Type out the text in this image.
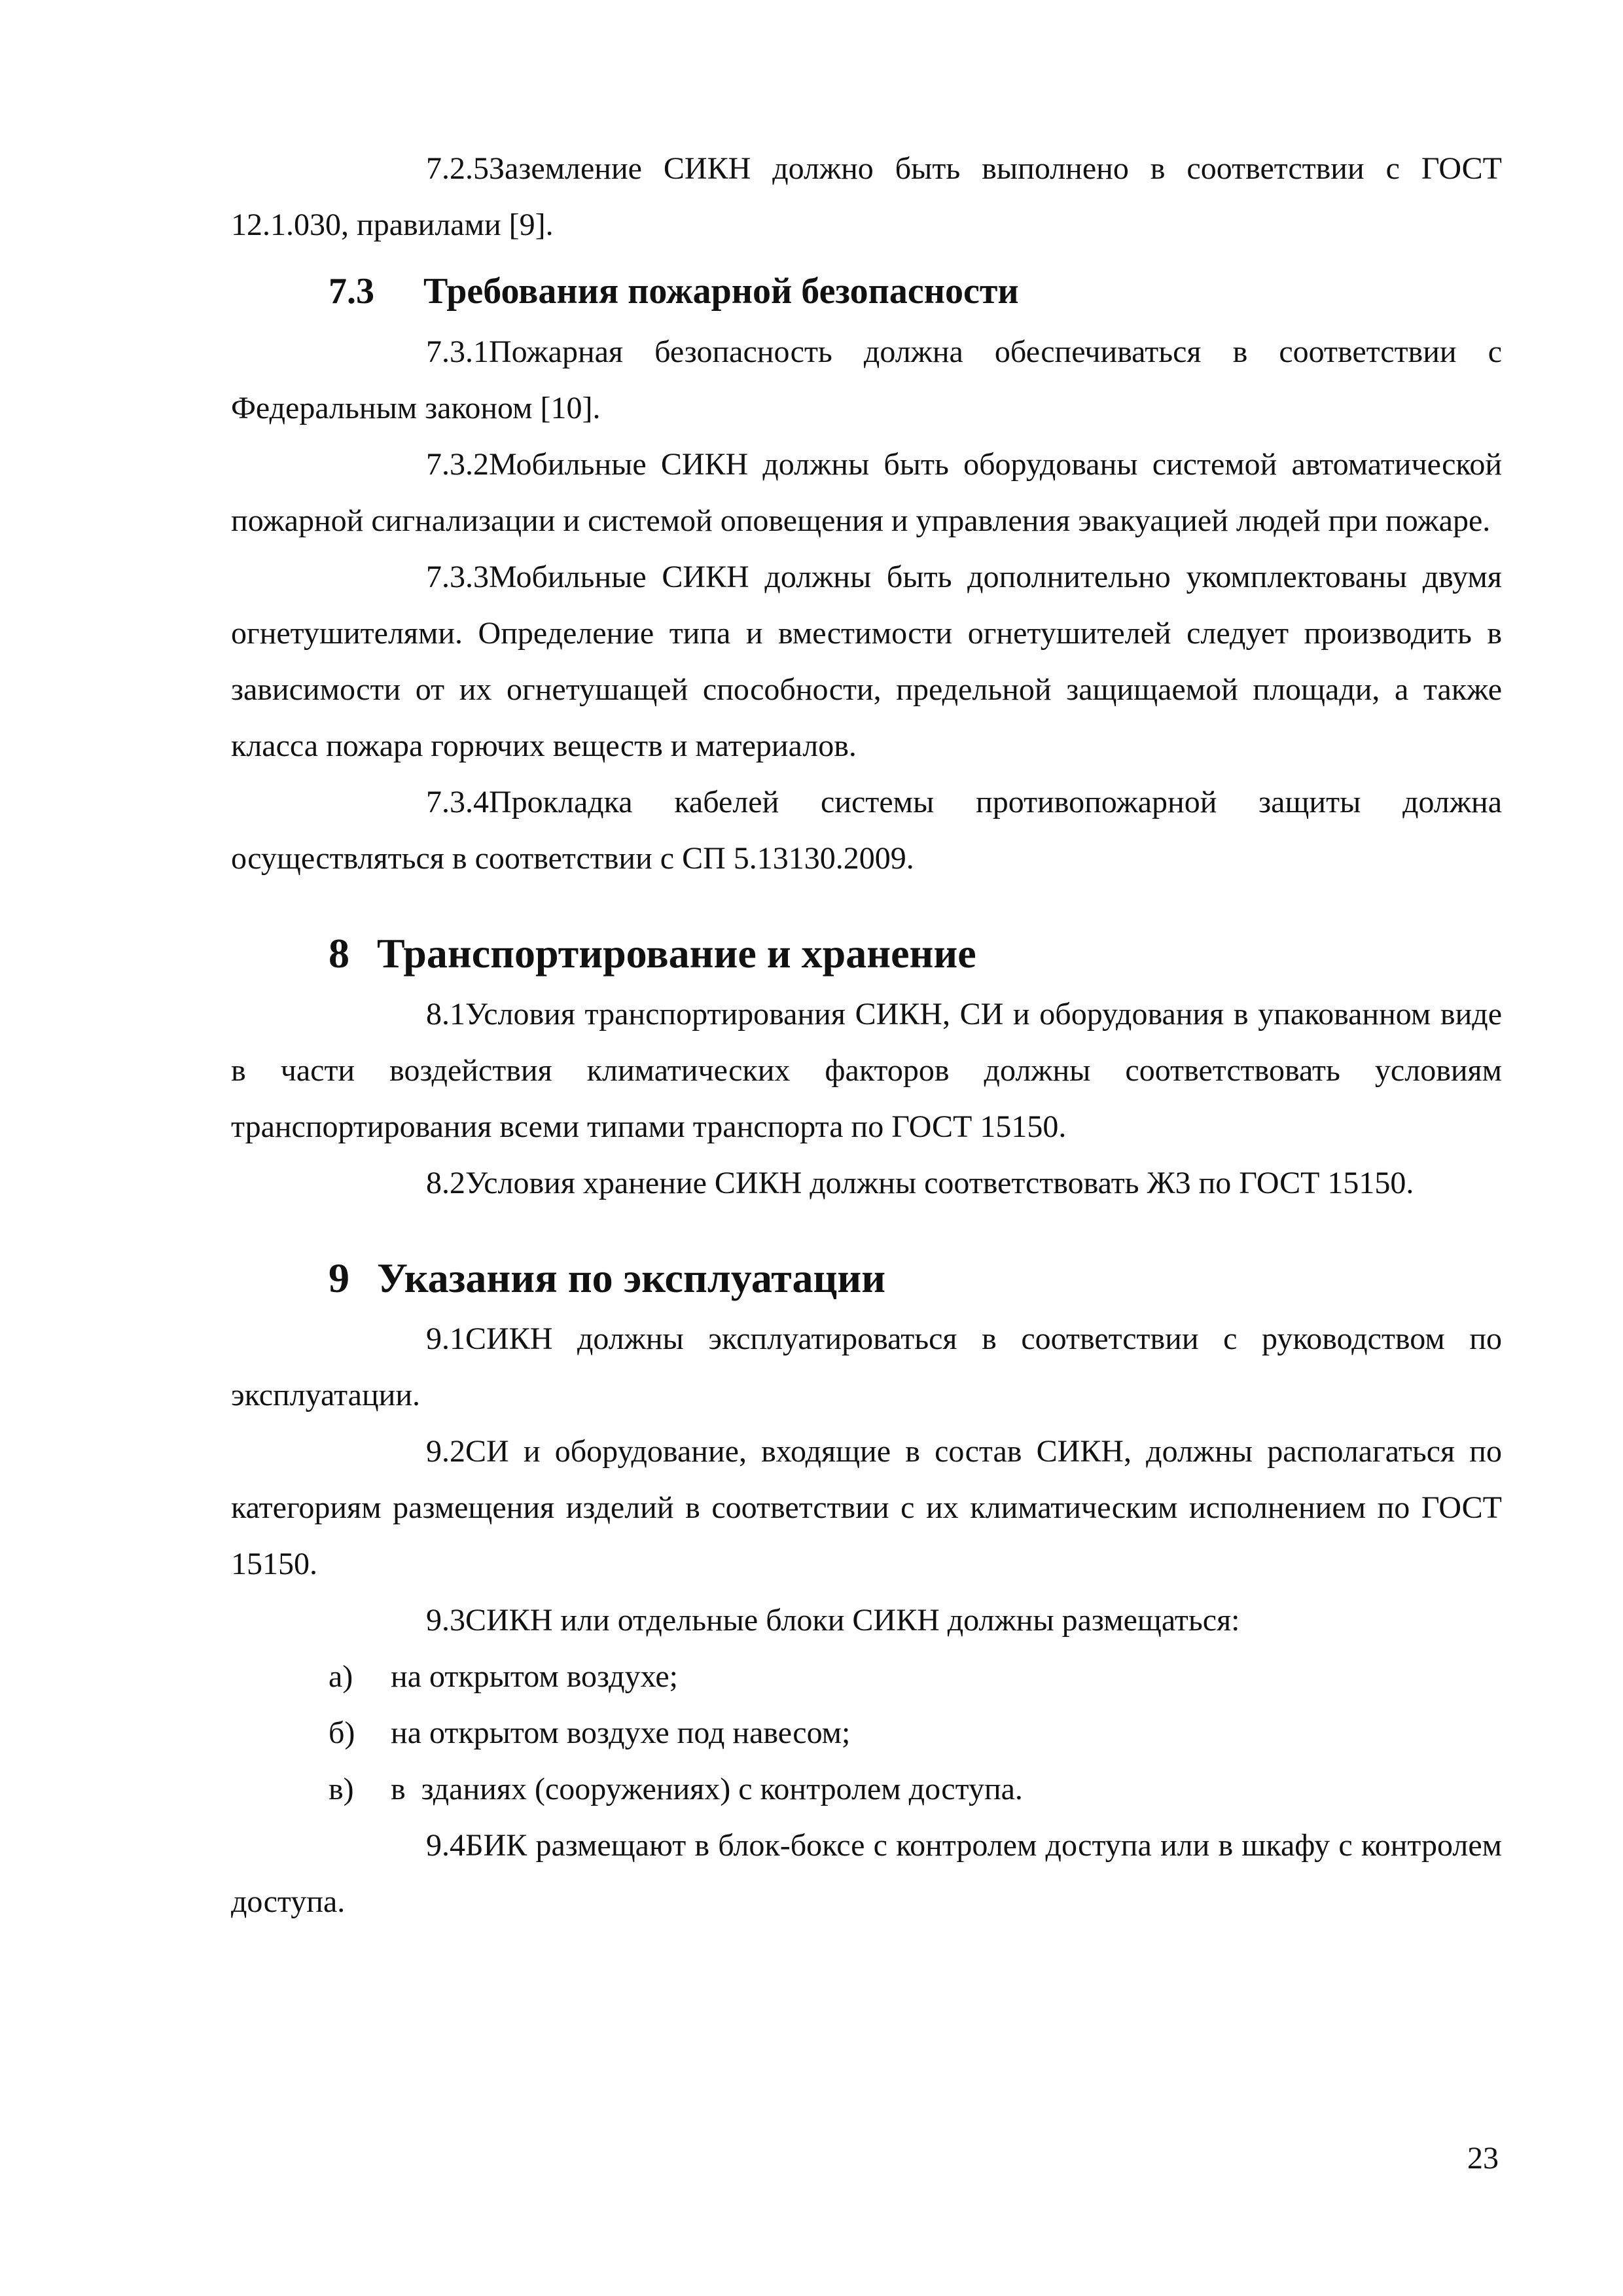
7.2.5Заземление СИКН должно быть выполнено в соответствии с ГОСТ 12.1.030, правилами [9].

7.3 Требования пожарной безопасности

7.3.1Пожарная безопасность должна обеспечиваться в соответствии с Федеральным законом [10].

7.3.2Мобильные СИКН должны быть оборудованы системой автоматической пожарной сигнализации и системой оповещения и управления эвакуацией людей при пожаре.

7.3.3Мобильные СИКН должны быть дополнительно укомплектованы двумя огнетушителями. Определение типа и вместимости огнетушителей следует производить в зависимости от их огнетушащей способности, предельной защищаемой площади, а также класса пожара горючих веществ и материалов.

7.3.4Прокладка кабелей системы противопожарной защиты должна осуществляться в соответствии с СП 5.13130.2009.

8 Транспортирование и хранение

8.1Условия транспортирования СИКН, СИ и оборудования в упакованном виде в части воздействия климатических факторов должны соответствовать условиям транспортирования всеми типами транспорта по ГОСТ 15150.

8.2Условия хранение СИКН должны соответствовать Ж3 по ГОСТ 15150.

9 Указания по эксплуатации

9.1СИКН должны эксплуатироваться в соответствии с руководством по эксплуатации.

9.2СИ и оборудование, входящие в состав СИКН, должны располагаться по категориям размещения изделий в соответствии с их климатическим исполнением по ГОСТ 15150.

9.3СИКН или отдельные блоки СИКН должны размещаться:

а) на открытом воздухе;

б) на открытом воздухе под навесом;

в) в  зданиях (сооружениях) с контролем доступа.

9.4БИК размещают в блок-боксе с контролем доступа или в шкафу с контролем доступа.

23
